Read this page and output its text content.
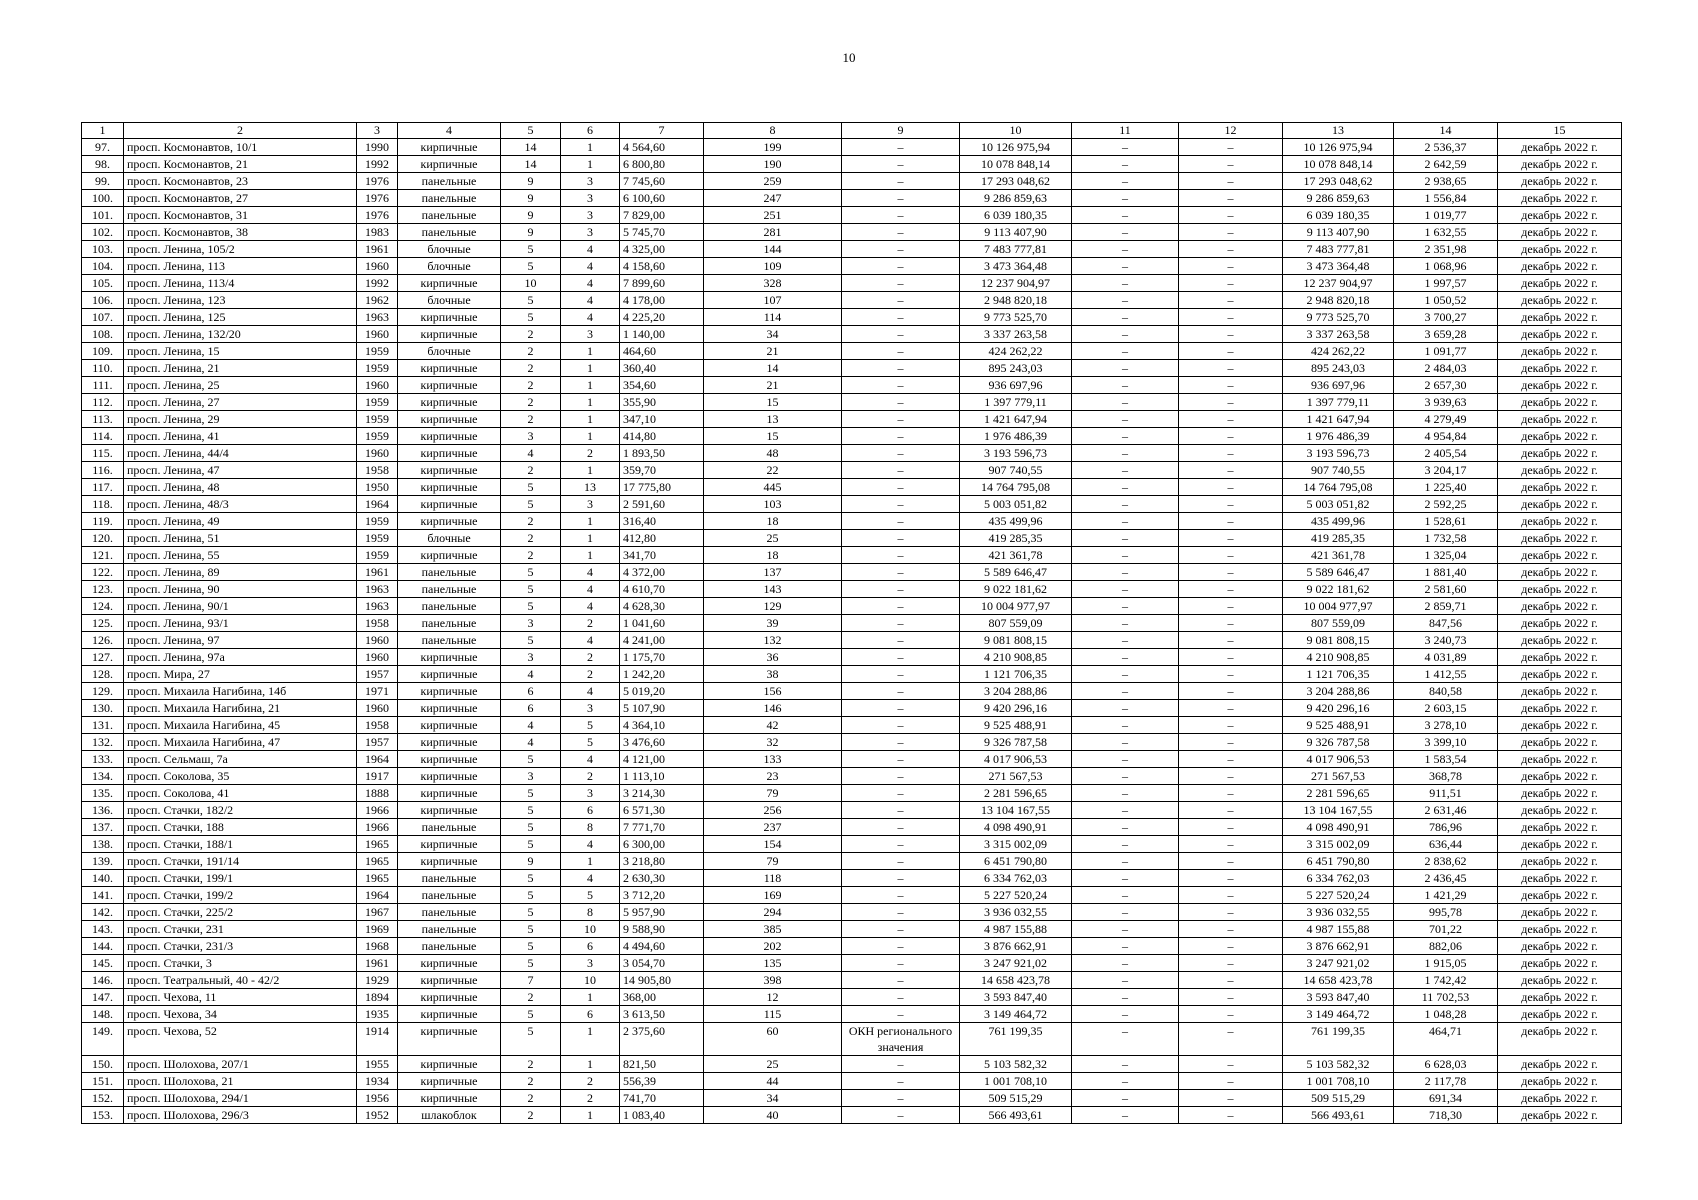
10
1	2	3	4	5	6	7	8	9	10	11	12	13	14	15
97.	просп. Космонавтов, 10/1	1990	кирпичные	14	1	4 564,60	199	–	10 126 975,94	–	–	10 126 975,94	2 536,37	декабрь 2022 г.
98.	просп. Космонавтов, 21	1992	кирпичные	14	1	6 800,80	190	–	10 078 848,14	–	–	10 078 848,14	2 642,59	декабрь 2022 г.
99.	просп. Космонавтов, 23	1976	панельные	9	3	7 745,60	259	–	17 293 048,62	–	–	17 293 048,62	2 938,65	декабрь 2022 г.
100.	просп. Космонавтов, 27	1976	панельные	9	3	6 100,60	247	–	9 286 859,63	–	–	9 286 859,63	1 556,84	декабрь 2022 г.
101.	просп. Космонавтов, 31	1976	панельные	9	3	7 829,00	251	–	6 039 180,35	–	–	6 039 180,35	1 019,77	декабрь 2022 г.
102.	просп. Космонавтов, 38	1983	панельные	9	3	5 745,70	281	–	9 113 407,90	–	–	9 113 407,90	1 632,55	декабрь 2022 г.
103.	просп. Ленина, 105/2	1961	блочные	5	4	4 325,00	144	–	7 483 777,81	–	–	7 483 777,81	2 351,98	декабрь 2022 г.
104.	просп. Ленина, 113	1960	блочные	5	4	4 158,60	109	–	3 473 364,48	–	–	3 473 364,48	1 068,96	декабрь 2022 г.
105.	просп. Ленина, 113/4	1992	кирпичные	10	4	7 899,60	328	–	12 237 904,97	–	–	12 237 904,97	1 997,57	декабрь 2022 г.
106.	просп. Ленина, 123	1962	блочные	5	4	4 178,00	107	–	2 948 820,18	–	–	2 948 820,18	1 050,52	декабрь 2022 г.
107.	просп. Ленина, 125	1963	кирпичные	5	4	4 225,20	114	–	9 773 525,70	–	–	9 773 525,70	3 700,27	декабрь 2022 г.
108.	просп. Ленина, 132/20	1960	кирпичные	2	3	1 140,00	34	–	3 337 263,58	–	–	3 337 263,58	3 659,28	декабрь 2022 г.
109.	просп. Ленина, 15	1959	блочные	2	1	464,60	21	–	424 262,22	–	–	424 262,22	1 091,77	декабрь 2022 г.
110.	просп. Ленина, 21	1959	кирпичные	2	1	360,40	14	–	895 243,03	–	–	895 243,03	2 484,03	декабрь 2022 г.
111.	просп. Ленина, 25	1960	кирпичные	2	1	354,60	21	–	936 697,96	–	–	936 697,96	2 657,30	декабрь 2022 г.
112.	просп. Ленина, 27	1959	кирпичные	2	1	355,90	15	–	1 397 779,11	–	–	1 397 779,11	3 939,63	декабрь 2022 г.
113.	просп. Ленина, 29	1959	кирпичные	2	1	347,10	13	–	1 421 647,94	–	–	1 421 647,94	4 279,49	декабрь 2022 г.
114.	просп. Ленина, 41	1959	кирпичные	3	1	414,80	15	–	1 976 486,39	–	–	1 976 486,39	4 954,84	декабрь 2022 г.
115.	просп. Ленина, 44/4	1960	кирпичные	4	2	1 893,50	48	–	3 193 596,73	–	–	3 193 596,73	2 405,54	декабрь 2022 г.
116.	просп. Ленина, 47	1958	кирпичные	2	1	359,70	22	–	907 740,55	–	–	907 740,55	3 204,17	декабрь 2022 г.
117.	просп. Ленина, 48	1950	кирпичные	5	13	17 775,80	445	–	14 764 795,08	–	–	14 764 795,08	1 225,40	декабрь 2022 г.
118.	просп. Ленина, 48/3	1964	кирпичные	5	3	2 591,60	103	–	5 003 051,82	–	–	5 003 051,82	2 592,25	декабрь 2022 г.
119.	просп. Ленина, 49	1959	кирпичные	2	1	316,40	18	–	435 499,96	–	–	435 499,96	1 528,61	декабрь 2022 г.
120.	просп. Ленина, 51	1959	блочные	2	1	412,80	25	–	419 285,35	–	–	419 285,35	1 732,58	декабрь 2022 г.
121.	просп. Ленина, 55	1959	кирпичные	2	1	341,70	18	–	421 361,78	–	–	421 361,78	1 325,04	декабрь 2022 г.
122.	просп. Ленина, 89	1961	панельные	5	4	4 372,00	137	–	5 589 646,47	–	–	5 589 646,47	1 881,40	декабрь 2022 г.
123.	просп. Ленина, 90	1963	панельные	5	4	4 610,70	143	–	9 022 181,62	–	–	9 022 181,62	2 581,60	декабрь 2022 г.
124.	просп. Ленина, 90/1	1963	панельные	5	4	4 628,30	129	–	10 004 977,97	–	–	10 004 977,97	2 859,71	декабрь 2022 г.
125.	просп. Ленина, 93/1	1958	панельные	3	2	1 041,60	39	–	807 559,09	–	–	807 559,09	847,56	декабрь 2022 г.
126.	просп. Ленина, 97	1960	панельные	5	4	4 241,00	132	–	9 081 808,15	–	–	9 081 808,15	3 240,73	декабрь 2022 г.
127.	просп. Ленина, 97а	1960	кирпичные	3	2	1 175,70	36	–	4 210 908,85	–	–	4 210 908,85	4 031,89	декабрь 2022 г.
128.	просп. Мира, 27	1957	кирпичные	4	2	1 242,20	38	–	1 121 706,35	–	–	1 121 706,35	1 412,55	декабрь 2022 г.
129.	просп. Михаила Нагибина, 14б	1971	кирпичные	6	4	5 019,20	156	–	3 204 288,86	–	–	3 204 288,86	840,58	декабрь 2022 г.
130.	просп. Михаила Нагибина, 21	1960	кирпичные	6	3	5 107,90	146	–	9 420 296,16	–	–	9 420 296,16	2 603,15	декабрь 2022 г.
131.	просп. Михаила Нагибина, 45	1958	кирпичные	4	5	4 364,10	42	–	9 525 488,91	–	–	9 525 488,91	3 278,10	декабрь 2022 г.
132.	просп. Михаила Нагибина, 47	1957	кирпичные	4	5	3 476,60	32	–	9 326 787,58	–	–	9 326 787,58	3 399,10	декабрь 2022 г.
133.	просп. Сельмаш, 7а	1964	кирпичные	5	4	4 121,00	133	–	4 017 906,53	–	–	4 017 906,53	1 583,54	декабрь 2022 г.
134.	просп. Соколова, 35	1917	кирпичные	3	2	1 113,10	23	–	271 567,53	–	–	271 567,53	368,78	декабрь 2022 г.
135.	просп. Соколова, 41	1888	кирпичные	5	3	3 214,30	79	–	2 281 596,65	–	–	2 281 596,65	911,51	декабрь 2022 г.
136.	просп. Стачки, 182/2	1966	кирпичные	5	6	6 571,30	256	–	13 104 167,55	–	–	13 104 167,55	2 631,46	декабрь 2022 г.
137.	просп. Стачки, 188	1966	панельные	5	8	7 771,70	237	–	4 098 490,91	–	–	4 098 490,91	786,96	декабрь 2022 г.
138.	просп. Стачки, 188/1	1965	кирпичные	5	4	6 300,00	154	–	3 315 002,09	–	–	3 315 002,09	636,44	декабрь 2022 г.
139.	просп. Стачки, 191/14	1965	кирпичные	9	1	3 218,80	79	–	6 451 790,80	–	–	6 451 790,80	2 838,62	декабрь 2022 г.
140.	просп. Стачки, 199/1	1965	панельные	5	4	2 630,30	118	–	6 334 762,03	–	–	6 334 762,03	2 436,45	декабрь 2022 г.
141.	просп. Стачки, 199/2	1964	панельные	5	5	3 712,20	169	–	5 227 520,24	–	–	5 227 520,24	1 421,29	декабрь 2022 г.
142.	просп. Стачки, 225/2	1967	панельные	5	8	5 957,90	294	–	3 936 032,55	–	–	3 936 032,55	995,78	декабрь 2022 г.
143.	просп. Стачки, 231	1969	панельные	5	10	9 588,90	385	–	4 987 155,88	–	–	4 987 155,88	701,22	декабрь 2022 г.
144.	просп. Стачки, 231/3	1968	панельные	5	6	4 494,60	202	–	3 876 662,91	–	–	3 876 662,91	882,06	декабрь 2022 г.
145.	просп. Стачки, 3	1961	кирпичные	5	3	3 054,70	135	–	3 247 921,02	–	–	3 247 921,02	1 915,05	декабрь 2022 г.
146.	просп. Театральный, 40 - 42/2	1929	кирпичные	7	10	14 905,80	398	–	14 658 423,78	–	–	14 658 423,78	1 742,42	декабрь 2022 г.
147.	просп. Чехова, 11	1894	кирпичные	2	1	368,00	12	–	3 593 847,40	–	–	3 593 847,40	11 702,53	декабрь 2022 г.
148.	просп. Чехова, 34	1935	кирпичные	5	6	3 613,50	115	–	3 149 464,72	–	–	3 149 464,72	1 048,28	декабрь 2022 г.
149.	просп. Чехова, 52	1914	кирпичные	5	1	2 375,60	60	ОКН регионального значения	761 199,35	–	–	761 199,35	464,71	декабрь 2022 г.
150.	просп. Шолохова, 207/1	1955	кирпичные	2	1	821,50	25	–	5 103 582,32	–	–	5 103 582,32	6 628,03	декабрь 2022 г.
151.	просп. Шолохова, 21	1934	кирпичные	2	2	556,39	44	–	1 001 708,10	–	–	1 001 708,10	2 117,78	декабрь 2022 г.
152.	просп. Шолохова, 294/1	1956	кирпичные	2	2	741,70	34	–	509 515,29	–	–	509 515,29	691,34	декабрь 2022 г.
153.	просп. Шолохова, 296/3	1952	шлакоблок	2	1	1 083,40	40	–	566 493,61	–	–	566 493,61	718,30	декабрь 2022 г.
